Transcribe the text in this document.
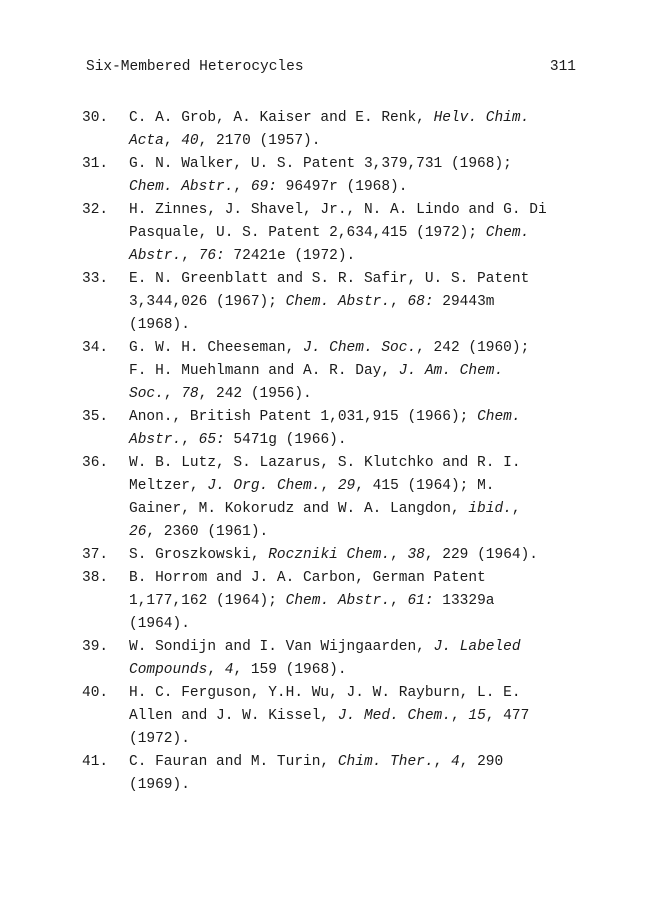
Six-Membered Heterocycles	311
30. C. A. Grob, A. Kaiser and E. Renk, Helv. Chim.
Acta, 40, 2170 (1957).
31. G. N. Walker, U. S. Patent 3,379,731 (1968);
Chem. Abstr., 69: 96497r (1968).
32. H. Zinnes, J. Shavel, Jr., N. A. Lindo and G. Di
Pasquale, U. S. Patent 2,634,415 (1972); Chem.
Abstr., 76: 72421e (1972).
33. E. N. Greenblatt and S. R. Safir, U. S. Patent
3,344,026 (1967); Chem. Abstr., 68: 29443m
(1968).
34. G. W. H. Cheeseman, J. Chem. Soc., 242 (1960);
F. H. Muehlmann and A. R. Day, J. Am. Chem.
Soc., 78, 242 (1956).
35. Anon., British Patent 1,031,915 (1966); Chem.
Abstr., 65: 5471g (1966).
36. W. B. Lutz, S. Lazarus, S. Klutchko and R. I.
Meltzer, J. Org. Chem., 29, 415 (1964); M.
Gainer, M. Kokorudz and W. A. Langdon, ibid.,
26, 2360 (1961).
37. S. Groszkowski, Roczniki Chem., 38, 229 (1964).
38. B. Horrom and J. A. Carbon, German Patent
1,177,162 (1964); Chem. Abstr., 61: 13329a
(1964).
39. W. Sondijn and I. Van Wijngaarden, J. Labeled
Compounds, 4, 159 (1968).
40. H. C. Ferguson, Y.H. Wu, J. W. Rayburn, L. E.
Allen and J. W. Kissel, J. Med. Chem., 15, 477
(1972).
41. C. Fauran and M. Turin, Chim. Ther., 4, 290
(1969).
